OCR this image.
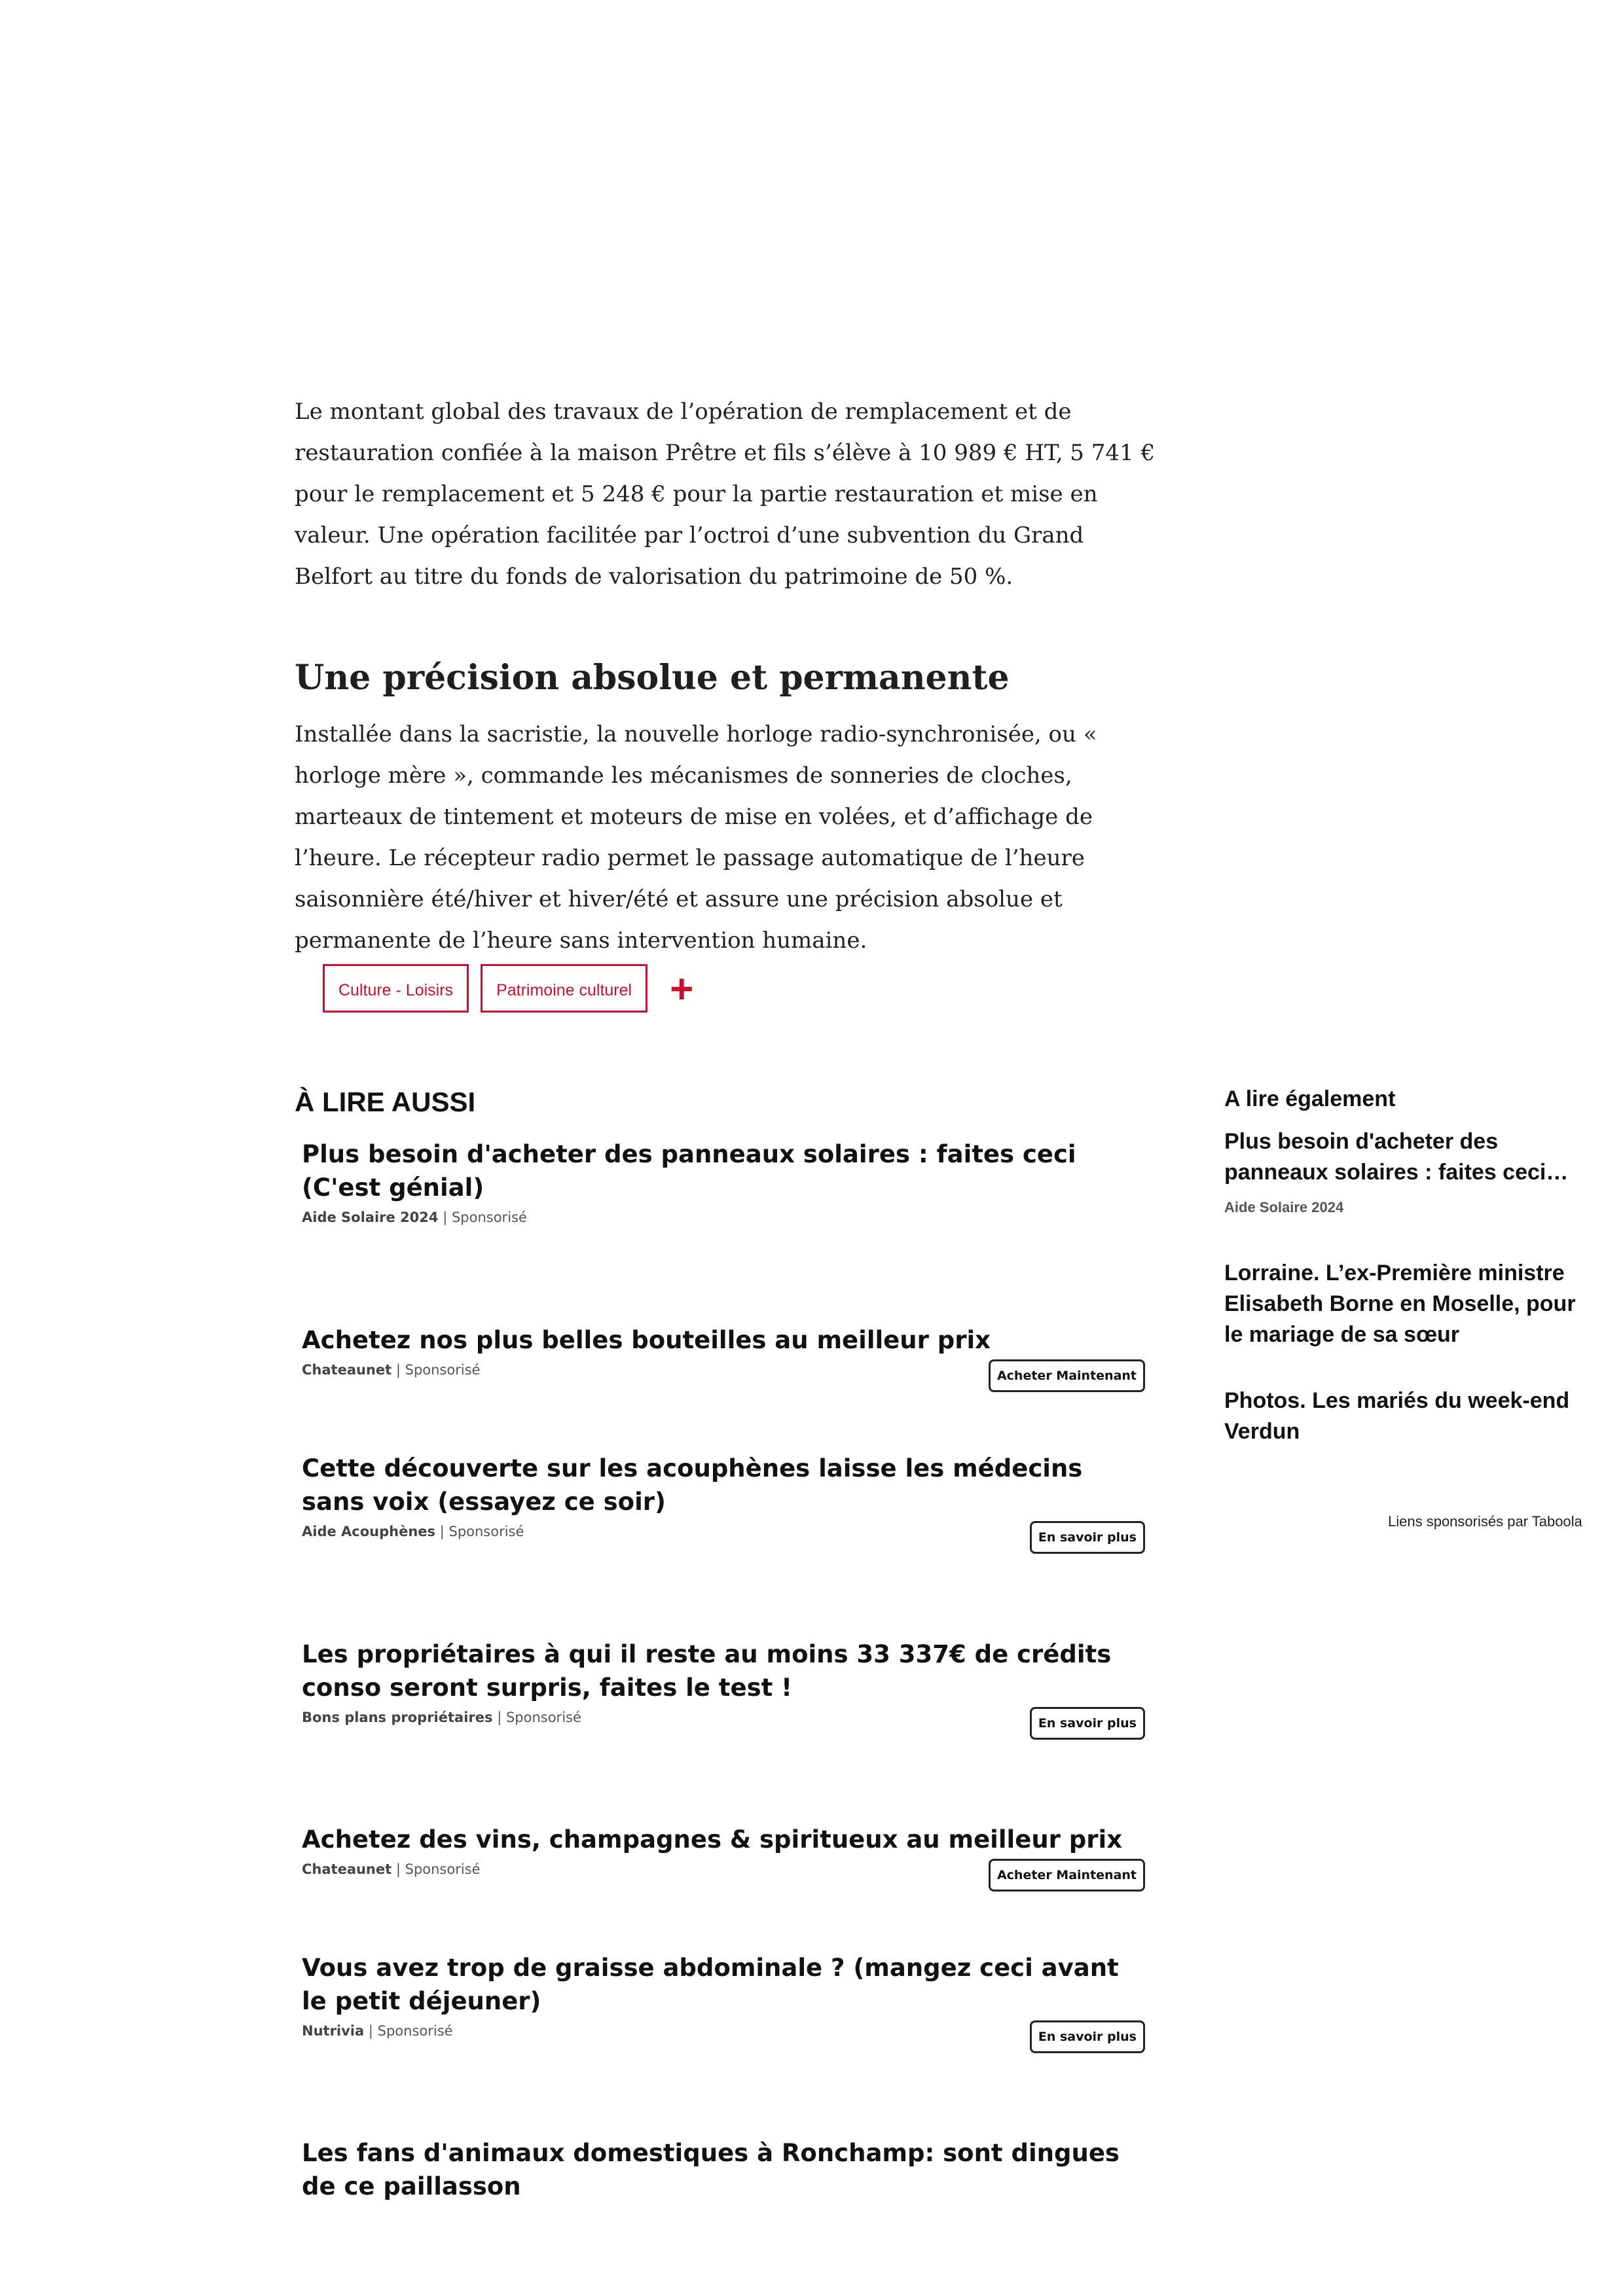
Le montant global des travaux de l’opération de remplacement et de restauration confiée à la maison Prêtre et fils s’élève à 10 989 € HT, 5 741 € pour le remplacement et 5 248 € pour la partie restauration et mise en valeur. Une opération facilitée par l’octroi d’une subvention du Grand Belfort au titre du fonds de valorisation du patrimoine de 50 %.

Une précision absolue et permanente

Installée dans la sacristie, la nouvelle horloge radio-synchronisée, ou « horloge mère », commande les mécanismes de sonneries de cloches, marteaux de tintement et moteurs de mise en volées, et d’affichage de l’heure. Le récepteur radio permet le passage automatique de l’heure saisonnière été/hiver et hiver/été et assure une précision absolue et permanente de l’heure sans intervention humaine.

Culture - Loisirs	Patrimoine culturel +
À LIRE AUSSI

Plus besoin d'acheter des panneaux solaires : faites ceci (C'est génial)

Aide Solaire 2024 | Sponsorisé

Achetez nos plus belles bouteilles au meilleur prix

Chateaunet | Sponsorisé	Acheter Maintenant

Cette découverte sur les acouphènes laisse les médecins sans voix (essayez ce soir)

Aide Acouphènes | Sponsorisé	En savoir plus

Les propriétaires à qui il reste au moins 33 337€ de crédits conso seront surpris, faites le test !

Bons plans propriétaires | Sponsorisé	En savoir plus

Achetez des vins, champagnes & spiritueux au meilleur prix

Chateaunet | Sponsorisé	Acheter Maintenant

Vous avez trop de graisse abdominale ? (mangez ceci avant le petit déjeuner)

Nutrivia | Sponsorisé	En savoir plus

Les fans d'animaux domestiques à Ronchamp: sont dingues de ce paillasson

A lire également
Plus besoin d'acheter des
panneaux solaires : faites ceci…
Aide Solaire 2024
Lorraine. L’ex-Première ministre
Elisabeth Borne en Moselle, pour
le mariage de sa sœur
Photos. Les mariés du week-end
Verdun
Liens sponsorisés par Taboola
